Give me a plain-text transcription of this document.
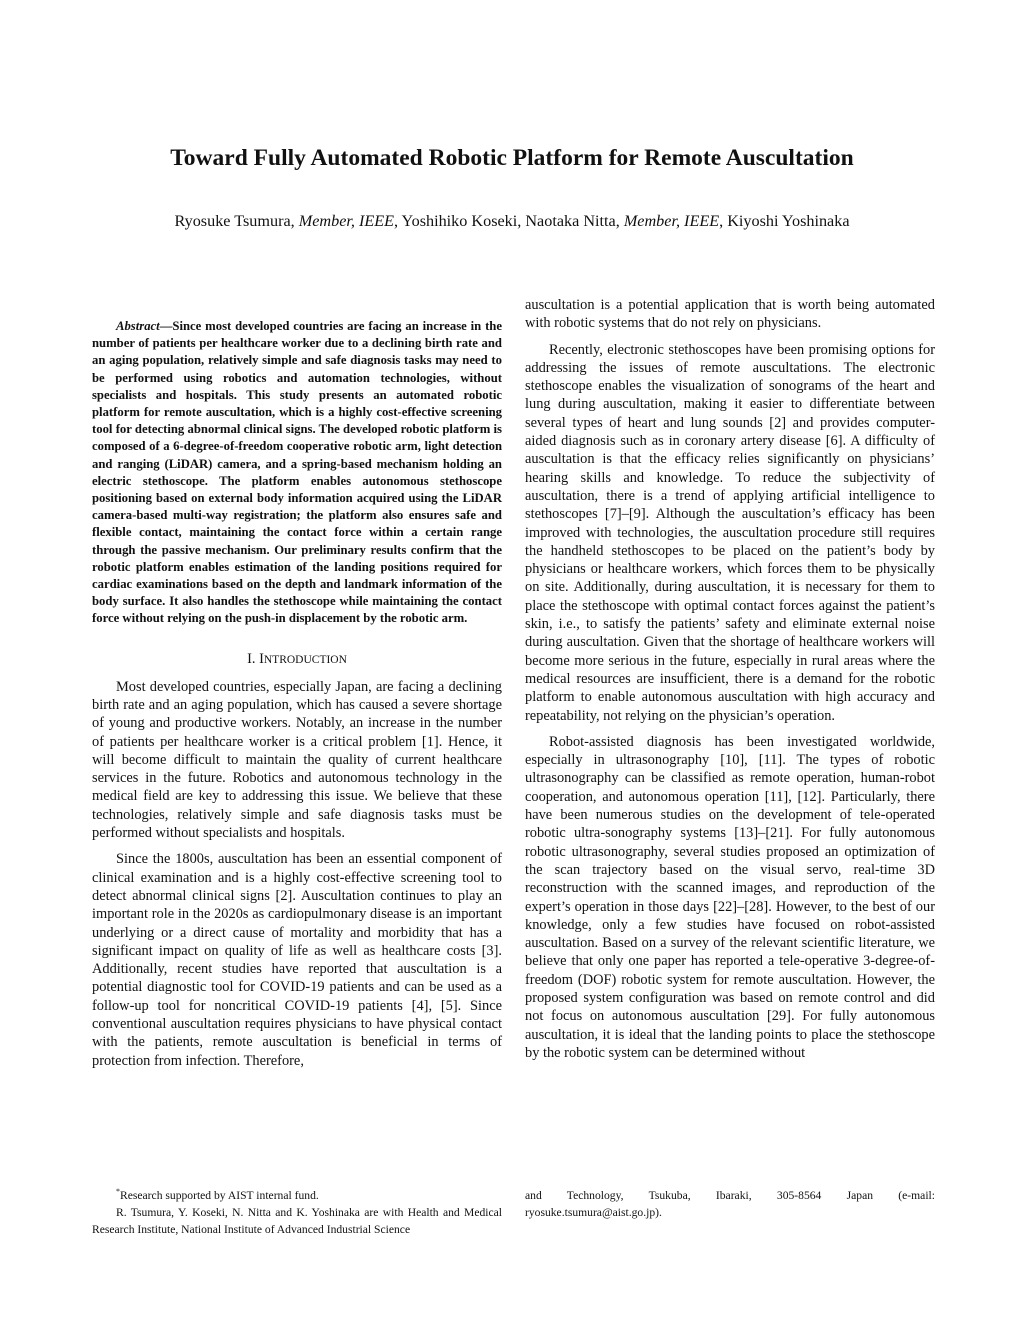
Toward Fully Automated Robotic Platform for Remote Auscultation

Ryosuke Tsumura, Member, IEEE, Yoshihiko Koseki, Naotaka Nitta, Member, IEEE, Kiyoshi Yoshinaka

Abstract—Since most developed countries are facing an increase in the number of patients per healthcare worker due to a declining birth rate and an aging population, relatively simple and safe diagnosis tasks may need to be performed using robotics and automation technologies, without specialists and hospitals. This study presents an automated robotic platform for remote auscultation, which is a highly cost-effective screening tool for detecting abnormal clinical signs. The developed robotic platform is composed of a 6-degree-of-freedom cooperative robotic arm, light detection and ranging (LiDAR) camera, and a spring-based mechanism holding an electric stethoscope. The platform enables autonomous stethoscope positioning based on external body information acquired using the LiDAR camera-based multi-way registration; the platform also ensures safe and flexible contact, maintaining the contact force within a certain range through the passive mechanism. Our preliminary results confirm that the robotic platform enables estimation of the landing positions required for cardiac examinations based on the depth and landmark information of the body surface. It also handles the stethoscope while maintaining the contact force without relying on the push-in displacement by the robotic arm.

I. INTRODUCTION

Most developed countries, especially Japan, are facing a declining birth rate and an aging population, which has caused a severe shortage of young and productive workers. Notably, an increase in the number of patients per healthcare worker is a critical problem [1]. Hence, it will become difficult to maintain the quality of current healthcare services in the future. Robotics and autonomous technology in the medical field are key to addressing this issue. We believe that these technologies, relatively simple and safe diagnosis tasks must be performed without specialists and hospitals.

Since the 1800s, auscultation has been an essential component of clinical examination and is a highly cost-effective screening tool to detect abnormal clinical signs [2]. Auscultation continues to play an important role in the 2020s as cardiopulmonary disease is an important underlying or a direct cause of mortality and morbidity that has a significant impact on quality of life as well as healthcare costs [3]. Additionally, recent studies have reported that auscultation is a potential diagnostic tool for COVID-19 patients and can be used as a follow-up tool for noncritical COVID-19 patients [4], [5]. Since conventional auscultation requires physicians to have physical contact with the patients, remote auscultation is beneficial in terms of protection from infection. Therefore,

auscultation is a potential application that is worth being automated with robotic systems that do not rely on physicians.

Recently, electronic stethoscopes have been promising options for addressing the issues of remote auscultations. The electronic stethoscope enables the visualization of sonograms of the heart and lung during auscultation, making it easier to differentiate between several types of heart and lung sounds [2] and provides computer-aided diagnosis such as in coronary artery disease [6]. A difficulty of auscultation is that the efficacy relies significantly on physicians’ hearing skills and knowledge. To reduce the subjectivity of auscultation, there is a trend of applying artificial intelligence to stethoscopes [7]–[9]. Although the auscultation’s efficacy has been improved with technologies, the auscultation procedure still requires the handheld stethoscopes to be placed on the patient’s body by physicians or healthcare workers, which forces them to be physically on site. Additionally, during auscultation, it is necessary for them to place the stethoscope with optimal contact forces against the patient’s skin, i.e., to satisfy the patients’ safety and eliminate external noise during auscultation. Given that the shortage of healthcare workers will become more serious in the future, especially in rural areas where the medical resources are insufficient, there is a demand for the robotic platform to enable autonomous auscultation with high accuracy and repeatability, not relying on the physician’s operation.

Robot-assisted diagnosis has been investigated worldwide, especially in ultrasonography [10], [11]. The types of robotic ultrasonography can be classified as remote operation, human-robot cooperation, and autonomous operation [11], [12]. Particularly, there have been numerous studies on the development of tele-operated robotic ultra-sonography systems [13]–[21]. For fully autonomous robotic ultrasonography, several studies proposed an optimization of the scan trajectory based on the visual servo, real-time 3D reconstruction with the scanned images, and reproduction of the expert’s operation in those days [22]–[28]. However, to the best of our knowledge, only a few studies have focused on robot-assisted auscultation. Based on a survey of the relevant scientific literature, we believe that only one paper has reported a tele-operative 3-degree-of-freedom (DOF) robotic system for remote auscultation. However, the proposed system configuration was based on remote control and did not focus on autonomous auscultation [29]. For fully autonomous auscultation, it is ideal that the landing points to place the stethoscope by the robotic system can be determined without

*Research supported by AIST internal fund.

R. Tsumura, Y. Koseki, N. Nitta and K. Yoshinaka are with Health and Medical Research Institute, National Institute of Advanced Industrial Science

and Technology, Tsukuba, Ibaraki, 305-8564 Japan (e-mail: ryosuke.tsumura@aist.go.jp).
